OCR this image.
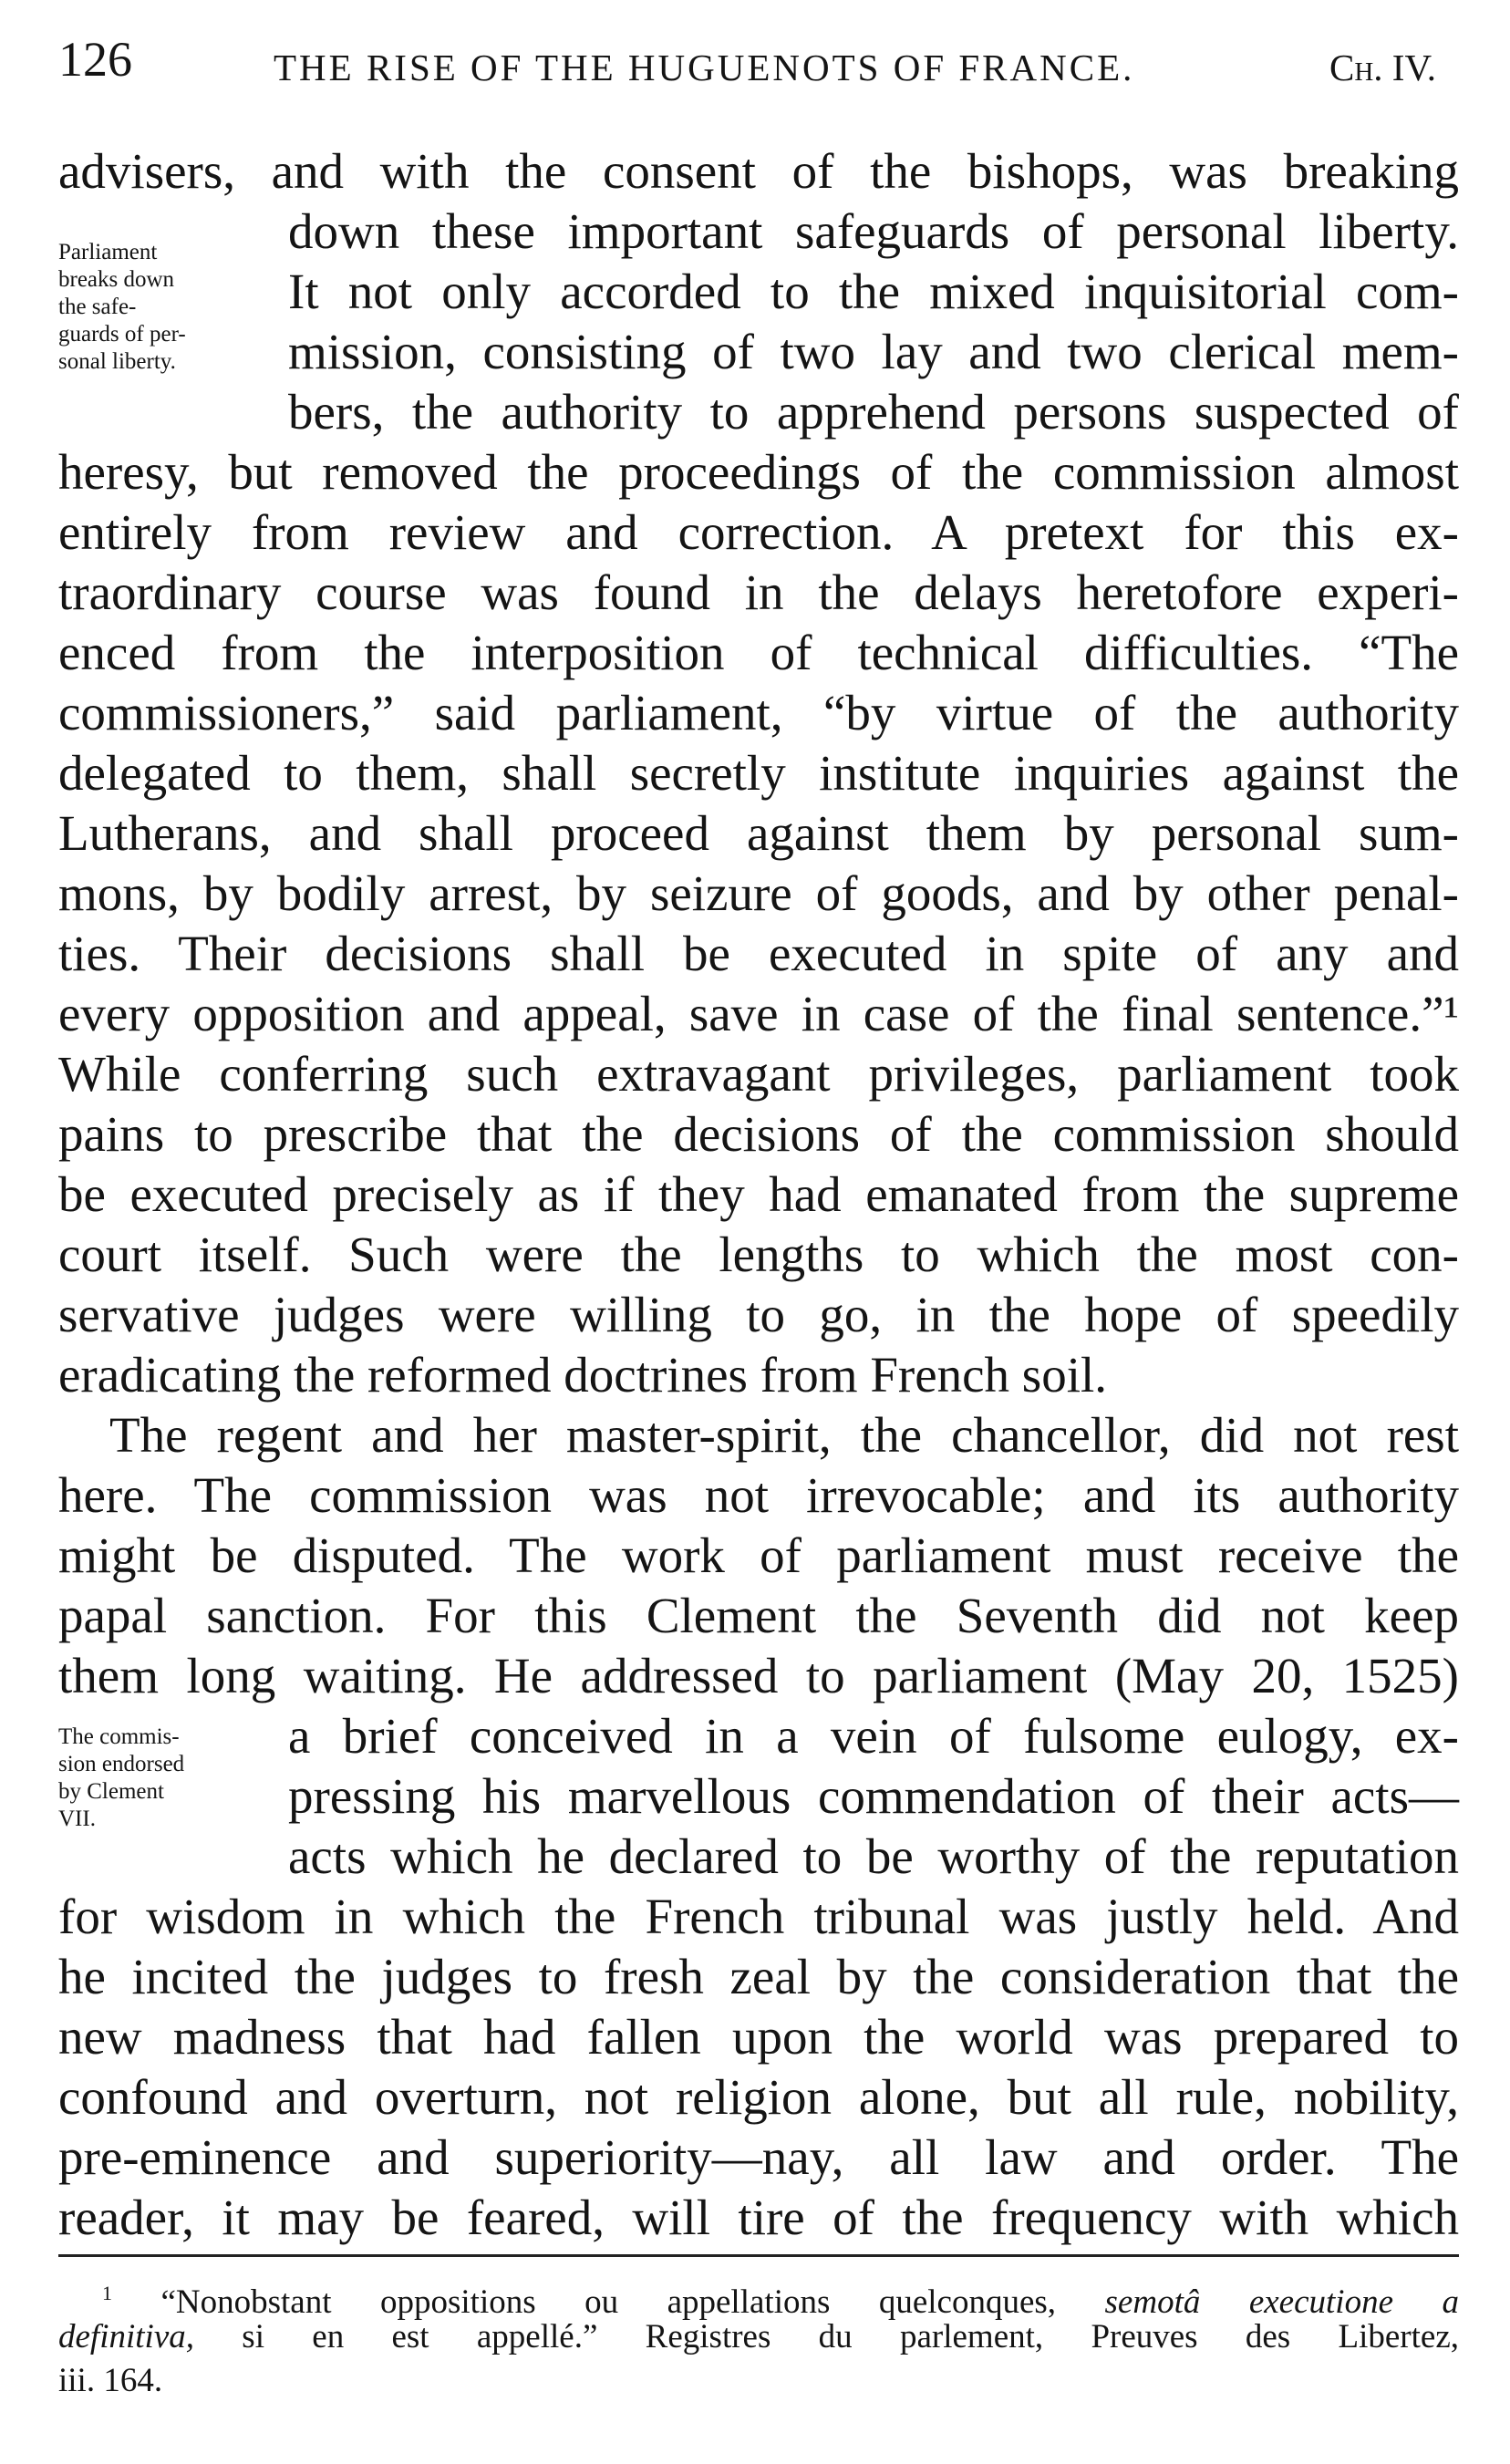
126	THE RISE OF THE HUGUENOTS OF FRANCE.	Ch. IV.
Parliament
breaks down
the safe-
guards of per-
sonal liberty.
The commis-
sion endorsed
by Clement
VII.
advisers, and with the consent of the bishops, was breaking
down these important safeguards of personal liberty.
It not only accorded to the mixed inquisitorial com-
mission, consisting of two lay and two clerical mem-
bers, the authority to apprehend persons suspected of
heresy, but removed the proceedings of the commission almost
entirely from review and correction. A pretext for this ex-
traordinary course was found in the delays heretofore experi-
enced from the interposition of technical difficulties. “The
commissioners,” said parliament, “by virtue of the authority
delegated to them, shall secretly institute inquiries against the
Lutherans, and shall proceed against them by personal sum-
mons, by bodily arrest, by seizure of goods, and by other penal-
ties. Their decisions shall be executed in spite of any and
every opposition and appeal, save in case of the final sentence.”¹
While conferring such extravagant privileges, parliament took
pains to prescribe that the decisions of the commission should
be executed precisely as if they had emanated from the supreme
court itself. Such were the lengths to which the most con-
servative judges were willing to go, in the hope of speedily
eradicating the reformed doctrines from French soil.
The regent and her master-spirit, the chancellor, did not rest
here. The commission was not irrevocable; and its authority
might be disputed. The work of parliament must receive the
papal sanction. For this Clement the Seventh did not keep
them long waiting. He addressed to parliament (May 20, 1525)
a brief conceived in a vein of fulsome eulogy, ex-
pressing his marvellous commendation of their acts—
acts which he declared to be worthy of the reputation
for wisdom in which the French tribunal was justly held. And
he incited the judges to fresh zeal by the consideration that the
new madness that had fallen upon the world was prepared to
confound and overturn, not religion alone, but all rule, nobility,
pre-eminence and superiority—nay, all law and order. The
reader, it may be feared, will tire of the frequency with which
$^1$ “Nonobstant oppositions ou appellations quelconques, semotâ executione a
definitiva, si en est appellé.” Registres du parlement, Preuves des Libertez,
iii. 164.
